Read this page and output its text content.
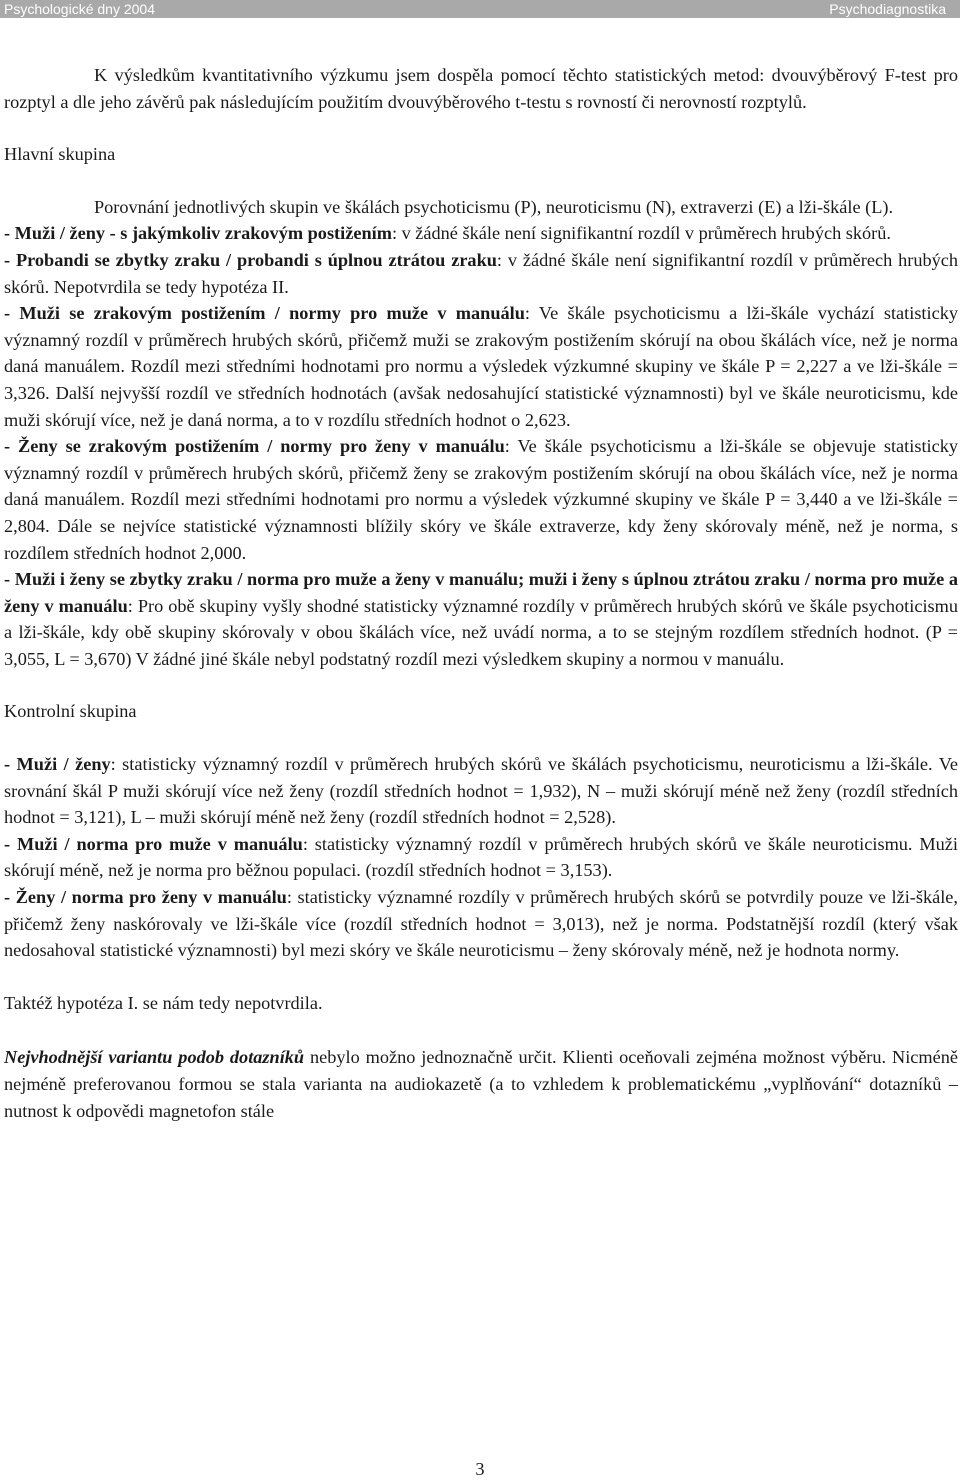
Psychologické dny 2004	Psychodiagnostika

K výsledkům kvantitativního výzkumu jsem dospěla pomocí těchto statistických metod: dvouvýběrový F-test pro rozptyl a dle jeho závěrů pak následujícím použitím dvouvýběrového t-testu s rovností či nerovností rozptylů.

Hlavní skupina

Porovnání jednotlivých skupin ve škálách psychoticismu (P), neuroticismu (N), extraverzi (E) a lži-škále (L).

- Muži / ženy - s jakýmkoliv zrakovým postižením: v žádné škále není signifikantní rozdíl v průměrech hrubých skórů.

- Probandi se zbytky zraku / probandi s úplnou ztrátou zraku: v žádné škále není signifikantní rozdíl v průměrech hrubých skórů. Nepotvrdila se tedy hypotéza II.

- Muži se zrakovým postižením / normy pro muže v manuálu: Ve škále psychoticismu a lži-škále vychází statisticky významný rozdíl v průměrech hrubých skórů, přičemž muži se zrakovým postižením skórují na obou škálách více, než je norma daná manuálem. Rozdíl mezi středními hodnotami pro normu a výsledek výzkumné skupiny ve škále P = 2,227 a ve lži-škále = 3,326. Další nejvyšší rozdíl ve středních hodnotách (avšak nedosahující statistické významnosti) byl ve škále neuroticismu, kde muži skórují více, než je daná norma, a to v rozdílu středních hodnot o 2,623.

- Ženy se zrakovým postižením / normy pro ženy v manuálu: Ve škále psychoticismu a lži-škále se objevuje statisticky významný rozdíl v průměrech hrubých skórů, přičemž ženy se zrakovým postižením skórují na obou škálách více, než je norma daná manuálem. Rozdíl mezi středními hodnotami pro normu a výsledek výzkumné skupiny ve škále P = 3,440 a ve lži-škále = 2,804. Dále se nejvíce statistické významnosti blížily skóry ve škále extraverze, kdy ženy skórovaly méně, než je norma, s rozdílem středních hodnot 2,000.

- Muži i ženy se zbytky zraku / norma pro muže a ženy v manuálu; muži i ženy s úplnou ztrátou zraku / norma pro muže a ženy v manuálu: Pro obě skupiny vyšly shodné statisticky významné rozdíly v průměrech hrubých skórů ve škále psychoticismu a lži-škále, kdy obě skupiny skórovaly v obou škálách více, než uvádí norma, a to se stejným rozdílem středních hodnot. (P = 3,055, L = 3,670) V žádné jiné škále nebyl podstatný rozdíl mezi výsledkem skupiny a normou v manuálu.

Kontrolní skupina

- Muži / ženy: statisticky významný rozdíl v průměrech hrubých skórů ve škálách psychoticismu, neuroticismu a lži-škále. Ve srovnání škál P muži skórují více než ženy (rozdíl středních hodnot = 1,932), N – muži skórují méně než ženy (rozdíl středních hodnot = 3,121), L – muži skórují méně než ženy (rozdíl středních hodnot = 2,528).

- Muži / norma pro muže v manuálu: statisticky významný rozdíl v průměrech hrubých skórů ve škále neuroticismu. Muži skórují méně, než je norma pro běžnou populaci. (rozdíl středních hodnot = 3,153).

- Ženy / norma pro ženy v manuálu: statisticky významné rozdíly v průměrech hrubých skórů se potvrdily pouze ve lži-škále, přičemž ženy naskórovaly ve lži-škále více (rozdíl středních hodnot = 3,013), než je norma. Podstatnější rozdíl (který však nedosahoval statistické významnosti) byl mezi skóry ve škále neuroticismu – ženy skórovaly méně, než je hodnota normy.

Taktéž hypotéza I. se nám tedy nepotvrdila.

Nejvhodnější variantu podob dotazníků nebylo možno jednoznačně určit. Klienti oceňovali zejména možnost výběru. Nicméně nejméně preferovanou formou se stala varianta na audiokazetě (a to vzhledem k problematickému „vyplňování“ dotazníků – nutnost k odpovědi magnetofon stále

3
